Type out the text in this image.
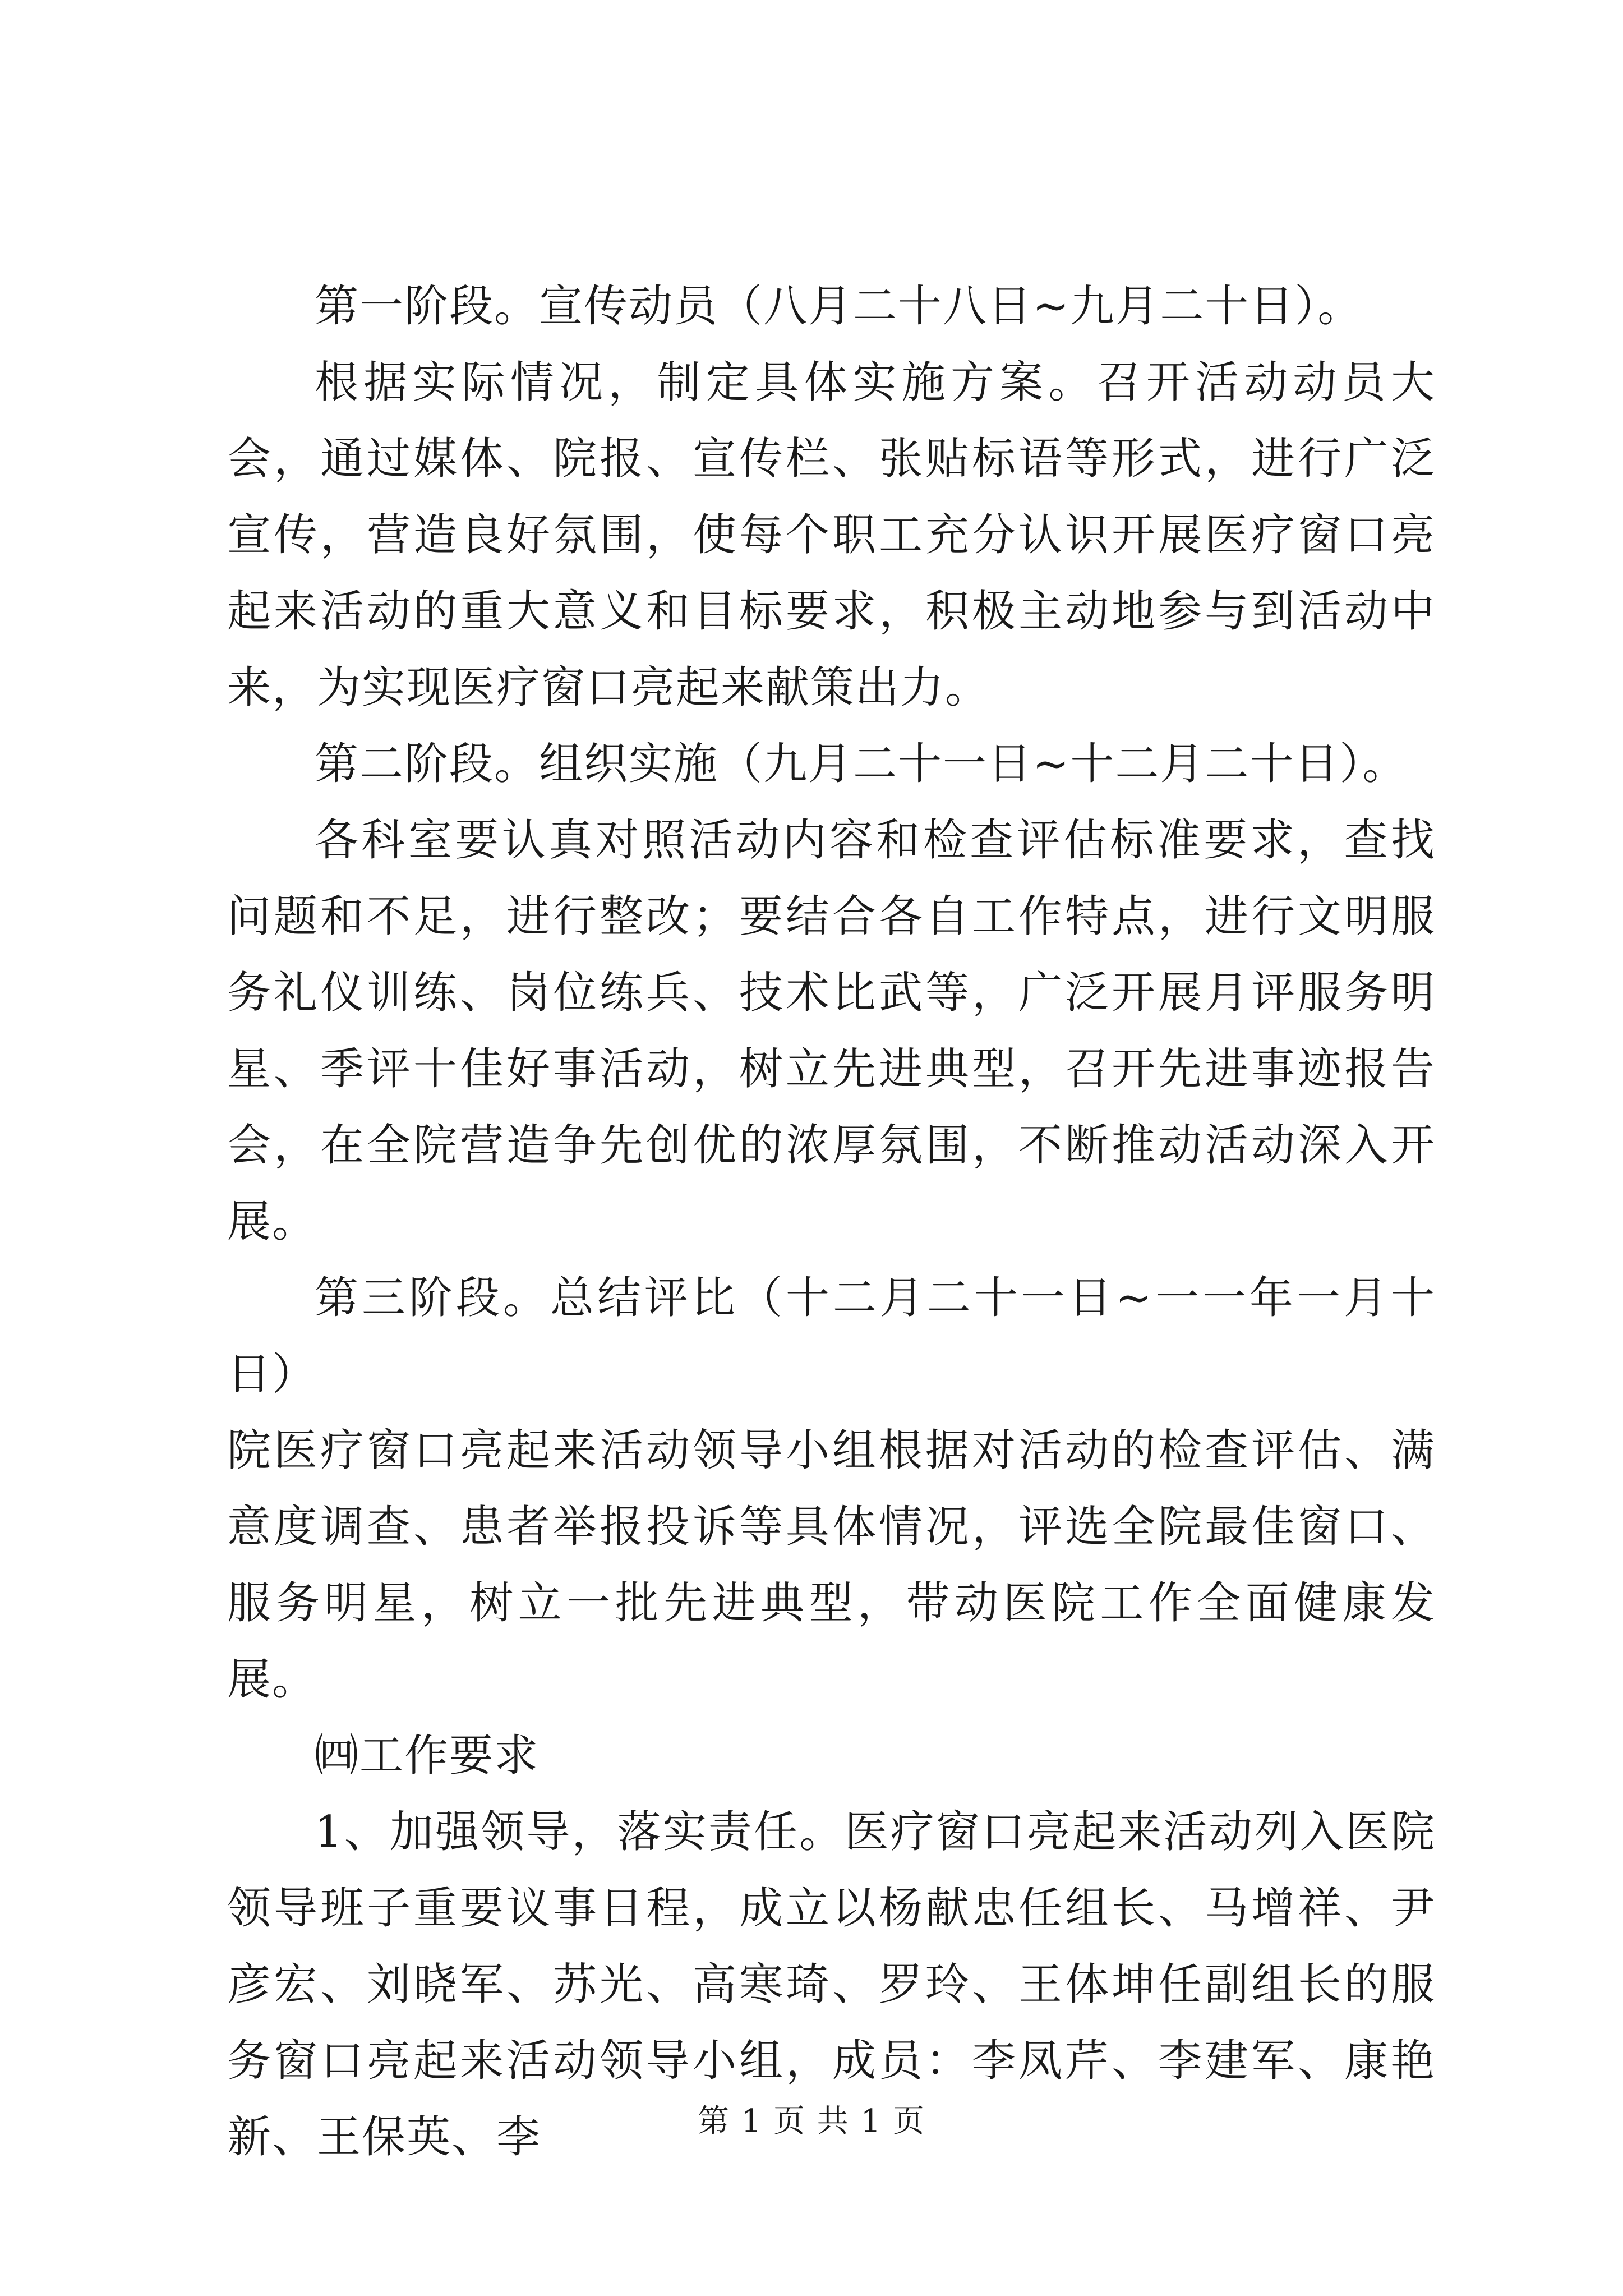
第一阶段。宣传动员（八月二十八日~九月二十日）。

根据实际情况，制定具体实施方案。召开活动动员大会，通过媒体、院报、宣传栏、张贴标语等形式，进行广泛宣传，营造良好氛围，使每个职工充分认识开展医疗窗口亮起来活动的重大意义和目标要求，积极主动地参与到活动中来，为实现医疗窗口亮起来献策出力。

第二阶段。组织实施（九月二十一日~十二月二十日）。

各科室要认真对照活动内容和检查评估标准要求，查找问题和不足，进行整改；要结合各自工作特点，进行文明服务礼仪训练、岗位练兵、技术比武等，广泛开展月评服务明星、季评十佳好事活动，树立先进典型，召开先进事迹报告会，在全院营造争先创优的浓厚氛围，不断推动活动深入开展。

第三阶段。总结评比（十二月二十一日~一一年一月十日）

院医疗窗口亮起来活动领导小组根据对活动的检查评估、满意度调查、患者举报投诉等具体情况，评选全院最佳窗口、服务明星，树立一批先进典型，带动医院工作全面健康发展。

㈣工作要求

1、加强领导，落实责任。医疗窗口亮起来活动列入医院领导班子重要议事日程，成立以杨献忠任组长、马增祥、尹彦宏、刘晓军、苏光、高寒琦、罗玲、王体坤任副组长的服务窗口亮起来活动领导小组，成员：李凤芹、李建军、康艳新、王保英、李	第 1 页 共 1 页
